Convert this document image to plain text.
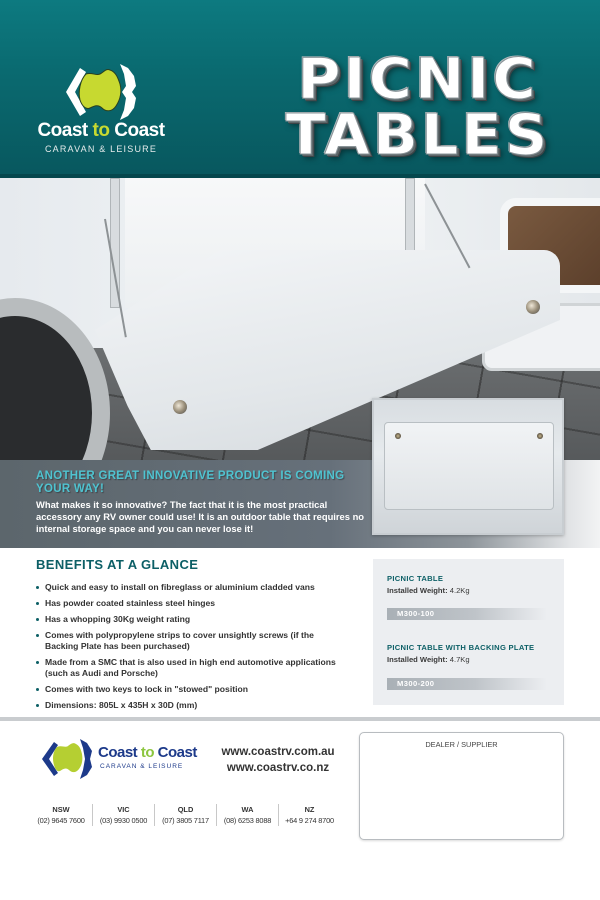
Coast to Coast
CARAVAN & LEISURE
PICNIC
TABLES
ANOTHER GREAT INNOVATIVE PRODUCT IS COMING YOUR WAY!
What makes it so innovative? The fact that it is the most practical accessory any RV owner could use! It is an outdoor table that requires no internal storage space and you can never lose it!
BENEFITS AT A GLANCE
Quick and easy to install on fibreglass or aluminium cladded vans
Has powder coated stainless steel hinges
Has a whopping 30Kg weight rating
Comes with polypropylene strips to cover unsightly screws (if the Backing Plate has been purchased)
Made from a SMC that is also used in high end automotive applications (such as Audi and Porsche)
Comes with two keys to lock in "stowed" position
Dimensions: 805L x 435H x 30D (mm)
PICNIC TABLE
Installed Weight: 4.2Kg
M300-100
PICNIC TABLE WITH BACKING PLATE
Installed Weight: 4.7Kg
M300-200
Coast to Coast
CARAVAN & LEISURE
www.coastrv.com.au
www.coastrv.co.nz
NSW
(02) 9645 7600
VIC
(03) 9930 0500
QLD
(07) 3805 7117
WA
(08) 6253 8088
NZ
+64 9 274 8700
DEALER / SUPPLIER
